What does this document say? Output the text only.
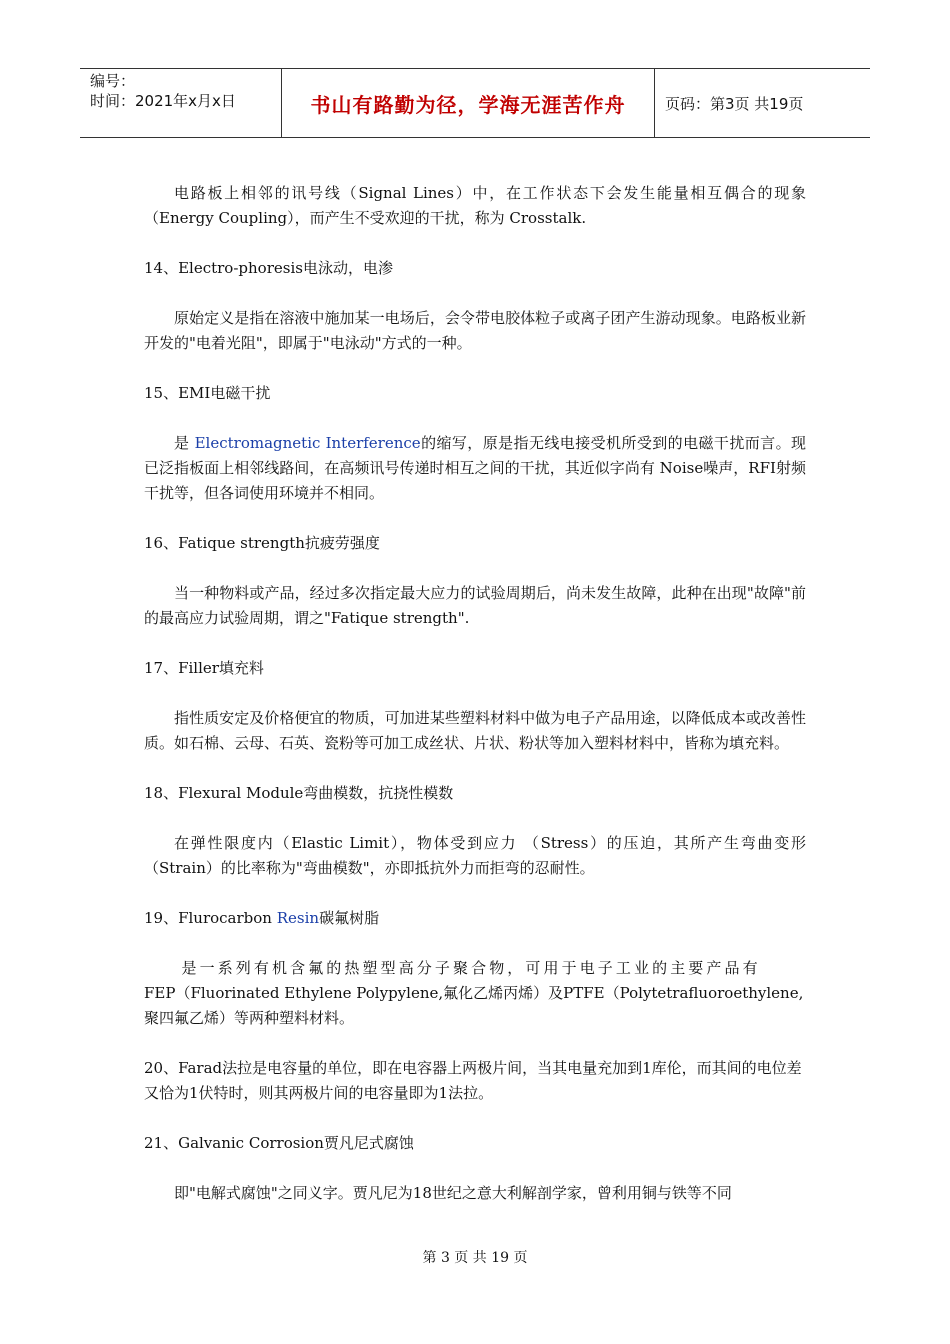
编号：
时间：2021年x月x日	书山有路勤为径，学海无涯苦作舟	页码：第3页 共19页

电路板上相邻的讯号线（Signal Lines）中，在工作状态下会发生能量相互偶合的现象（Energy Coupling），而产生不受欢迎的干扰，称为 Crosstalk.

14、Electro-phoresis电泳动，电渗

原始定义是指在溶液中施加某一电场后，会令带电胶体粒子或离子团产生游动现象。电路板业新开发的"电着光阻"，即属于"电泳动"方式的一种。

15、EMI电磁干扰

是 Electromagnetic Interference的缩写，原是指无线电接受机所受到的电磁干扰而言。现已泛指板面上相邻线路间，在高频讯号传递时相互之间的干扰，其近似字尚有 Noise噪声，RFI射频干扰等，但各词使用环境并不相同。

16、Fatique strength抗疲劳强度

当一种物料或产品，经过多次指定最大应力的试验周期后，尚未发生故障，此种在出现"故障"前的最高应力试验周期，谓之"Fatique strength".

17、Filler填充料

指性质安定及价格便宜的物质，可加进某些塑料材料中做为电子产品用途，以降低成本或改善性质。如石棉、云母、石英、瓷粉等可加工成丝状、片状、粉状等加入塑料材料中，皆称为填充料。

18、Flexural Module弯曲模数，抗挠性模数

在弹性限度内（Elastic Limit），物体受到应力 （Stress）的压迫，其所产生弯曲变形（Strain）的比率称为"弯曲模数"，亦即抵抗外力而拒弯的忍耐性。

19、Flurocarbon Resin碳氟树脂

是一系列有机含氟的热塑型高分子聚合物，可用于电子工业的主要产品有

FEP（Fluorinated Ethylene Polypylene,氟化乙烯丙烯）及PTFE（Polytetrafluoroethylene,聚四氟乙烯）等两种塑料材料。

20、Farad法拉是电容量的单位，即在电容器上两极片间，当其电量充加到1库伦，而其间的电位差又恰为1伏特时，则其两极片间的电容量即为1法拉。

21、Galvanic Corrosion贾凡尼式腐蚀

即"电解式腐蚀"之同义字。贾凡尼为18世纪之意大利解剖学家，曾利用铜与铁等不同

第 3 页 共 19 页
